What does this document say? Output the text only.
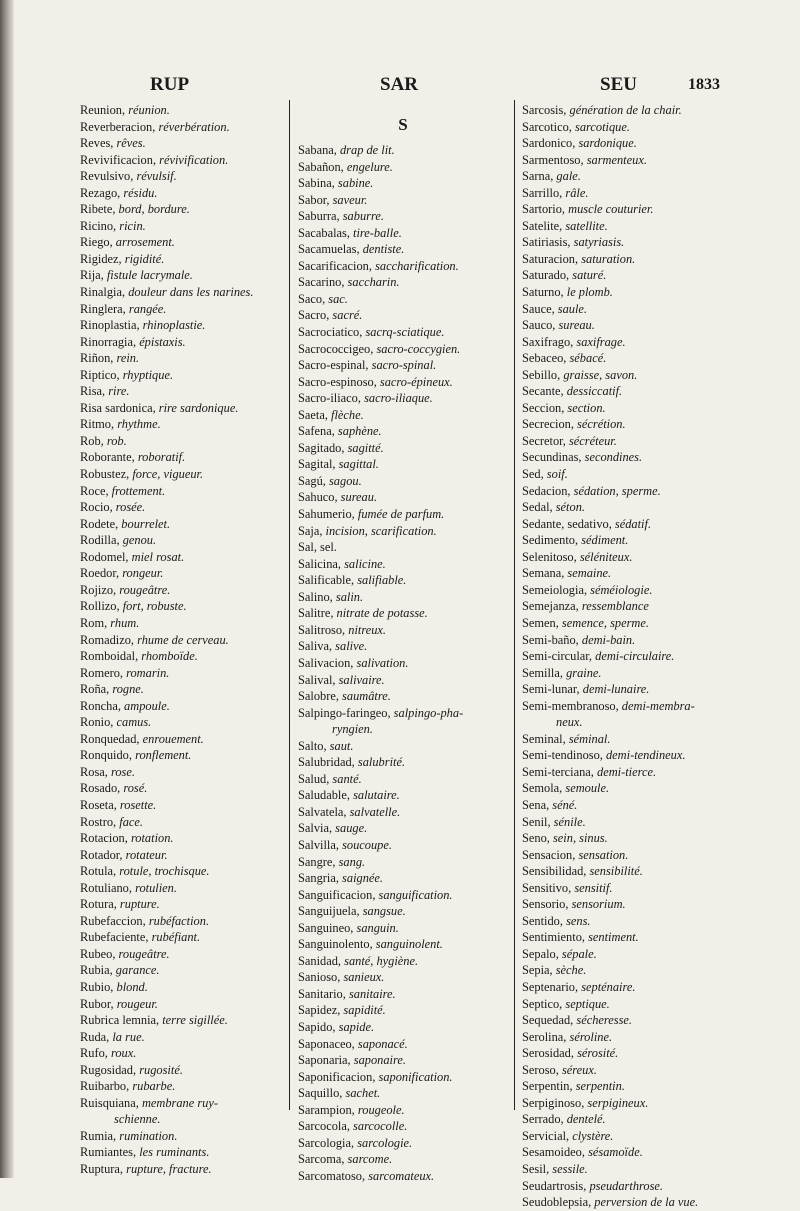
RUP	SAR	SEU	1833
Reunion, réunion.
Reverberacion, réverbération.
Reves, rêves.
Revivificacion, révivification.
Revulsivo, révulsif.
Rezago, résidu.
Ribete, bord, bordure.
Ricino, ricin.
Riego, arrosement.
Rigidez, rigidité.
Rija, fistule lacrymale.
Rinalgia, douleur dans les narines.
Ringlera, rangée.
Rinoplastia, rhinoplastie.
Rinorragia, épistaxis.
Riñon, rein.
Riptico, rhyptique.
Risa, rire.
Risa sardonica, rire sardonique.
Ritmo, rhythme.
Rob, rob.
Roborante, roboratif.
Robustez, force, vigueur.
Roce, frottement.
Rocio, rosée.
Rodete, bourrelet.
Rodilla, genou.
Rodomel, miel rosat.
Roedor, rongeur.
Rojizo, rougeâtre.
Rollizo, fort, robuste.
Rom, rhum.
Romadizo, rhume de cerveau.
Romboidal, rhomboïde.
Romero, romarin.
Roña, rogne.
Roncha, ampoule.
Ronio, camus.
Ronquedad, enrouement.
Ronquido, ronflement.
Rosa, rose.
Rosado, rosé.
Roseta, rosette.
Rostro, face.
Rotacion, rotation.
Rotador, rotateur.
Rotula, rotule, trochisque.
Rotuliano, rotulien.
Rotura, rupture.
Rubefaccion, rubéfaction.
Rubefaciente, rubéfiant.
Rubeo, rougeâtre.
Rubia, garance.
Rubio, blond.
Rubor, rougeur.
Rubrica lemnia, terre sigillée.
Ruda, la rue.
Rufo, roux.
Rugosidad, rugosité.
Ruibarbo, rubarbe.
Ruisquiana, membrane ruy-
schienne.
Rumia, rumination.
Rumiantes, les ruminants.
Ruptura, rupture, fracture.
S
Sabana, drap de lit.
Sabañon, engelure.
Sabina, sabine.
Sabor, saveur.
Saburra, saburre.
Sacabalas, tire-balle.
Sacamuelas, dentiste.
Sacarificacion, saccharification.
Sacarino, saccharin.
Saco, sac.
Sacro, sacré.
Sacrociatico, sacrq-sciatique.
Sacrococcigeo, sacro-coccygien.
Sacro-espinal, sacro-spinal.
Sacro-espinoso, sacro-épineux.
Sacro-iliaco, sacro-iliaque.
Saeta, flèche.
Safena, saphène.
Sagitado, sagitté.
Sagital, sagittal.
Sagú, sagou.
Sahuco, sureau.
Sahumerio, fumée de parfum.
Saja, incision, scarification.
Sal, sel.
Salicina, salicine.
Salificable, salifiable.
Salino, salin.
Salitre, nitrate de potasse.
Salitroso, nitreux.
Saliva, salive.
Salivacion, salivation.
Salival, salivaire.
Salobre, saumâtre.
Salpingo-faringeo, salpingo-pha-
ryngien.
Salto, saut.
Salubridad, salubrité.
Salud, santé.
Saludable, salutaire.
Salvatela, salvatelle.
Salvia, sauge.
Salvilla, soucoupe.
Sangre, sang.
Sangria, saignée.
Sanguificacion, sanguification.
Sanguijuela, sangsue.
Sanguineo, sanguin.
Sanguinolento, sanguinolent.
Sanidad, santé, hygiène.
Sanioso, sanieux.
Sanitario, sanitaire.
Sapidez, sapidité.
Sapido, sapide.
Saponaceo, saponacé.
Saponaria, saponaire.
Saponificacion, saponification.
Saquillo, sachet.
Sarampion, rougeole.
Sarcocola, sarcocolle.
Sarcologia, sarcologie.
Sarcoma, sarcome.
Sarcomatoso, sarcomateux.
Sarcosis, génération de la chair.
Sarcotico, sarcotique.
Sardonico, sardonique.
Sarmentoso, sarmenteux.
Sarna, gale.
Sarrillo, râle.
Sartorio, muscle couturier.
Satelite, satellite.
Satiriasis, satyriasis.
Saturacion, saturation.
Saturado, saturé.
Saturno, le plomb.
Sauce, saule.
Sauco, sureau.
Saxifrago, saxifrage.
Sebaceo, sébacé.
Sebillo, graisse, savon.
Secante, dessiccatif.
Seccion, section.
Secrecion, sécrétion.
Secretor, sécréteur.
Secundinas, secondines.
Sed, soif.
Sedacion, sédation, sperme.
Sedal, séton.
Sedante, sedativo, sédatif.
Sedimento, sédiment.
Selenitoso, séléniteux.
Semana, semaine.
Semeiologia, séméiologie.
Semejanza, ressemblance
Semen, semence, sperme.
Semi-baño, demi-bain.
Semi-circular, demi-circulaire.
Semilla, graine.
Semi-lunar, demi-lunaire.
Semi-membranoso, demi-membra-
neux.
Seminal, séminal.
Semi-tendinoso, demi-tendineux.
Semi-terciana, demi-tierce.
Semola, semoule.
Sena, séné.
Senil, sénile.
Seno, sein, sinus.
Sensacion, sensation.
Sensibilidad, sensibilité.
Sensitivo, sensitif.
Sensorio, sensorium.
Sentido, sens.
Sentimiento, sentiment.
Sepalo, sépale.
Sepia, sèche.
Septenario, septénaire.
Septico, septique.
Sequedad, sécheresse.
Serolina, séroline.
Serosidad, sérosité.
Seroso, séreux.
Serpentin, serpentin.
Serpiginoso, serpigineux.
Serrado, dentelé.
Servicial, clystère.
Sesamoideo, sésamoïde.
Sesil, sessile.
Seudartrosis, pseudarthrose.
Seudoblepsia, perversion de la vue.
